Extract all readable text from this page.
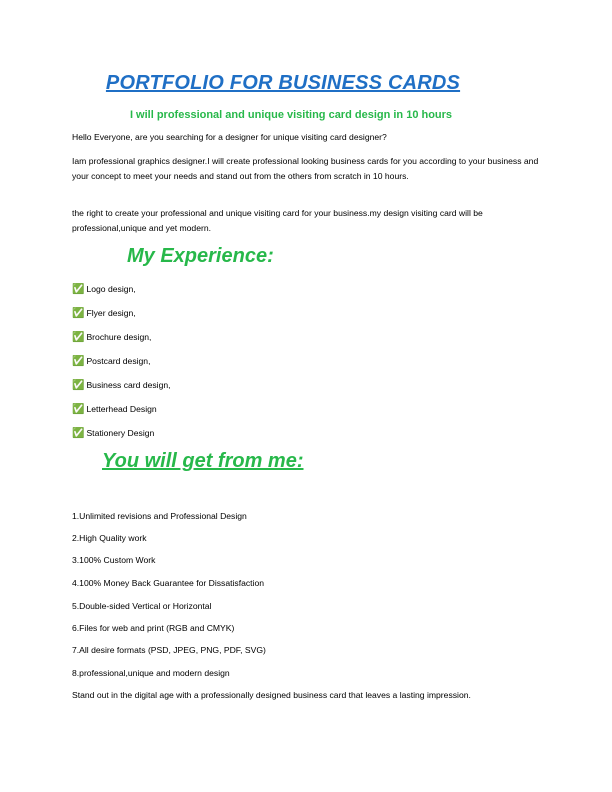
PORTFOLIO FOR BUSINESS CARDS

I will professional and unique visiting card design in 10 hours

Hello Everyone, are you searching for a designer for unique visiting card designer?

Iam professional graphics designer.I will create professional looking business cards for you according to your business and your concept to meet your needs and stand out from the others from scratch in 10 hours.

the right to create your professional and unique visiting card for your business.my design visiting card will be professional,unique and yet modern.

My Experience:
✅ Logo design,
✅ Flyer design,
✅ Brochure design,
✅ Postcard design,
✅ Business card design,
✅ Letterhead Design
✅ Stationery Design
You will get from me:
1.Unlimited revisions and Professional Design
2.High Quality work
3.100% Custom Work
4.100% Money Back Guarantee for Dissatisfaction
5.Double-sided Vertical or Horizontal
6.Files for web and print (RGB and CMYK)
7.All desire formats (PSD, JPEG, PNG, PDF, SVG)
8.professional,unique and modern design

Stand out in the digital age with a professionally designed business card that leaves a lasting impression.
